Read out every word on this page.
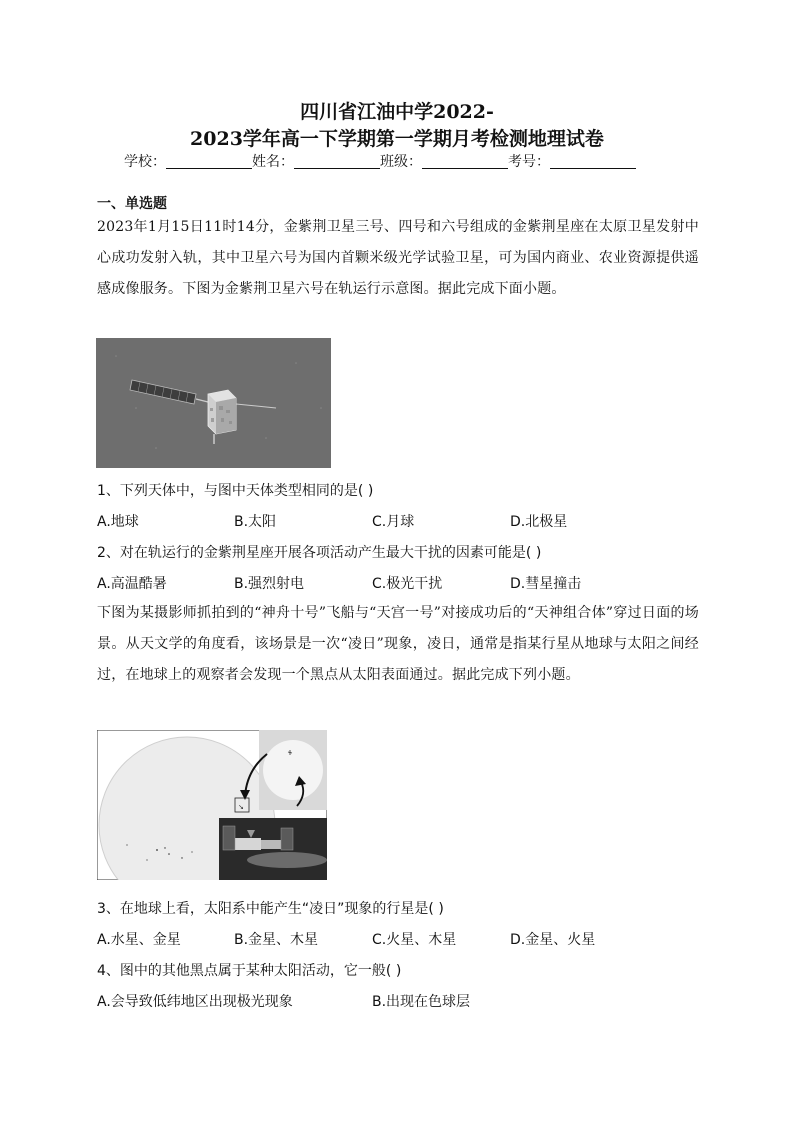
四川省江油中学2022-
2023学年高一下学期第一学期月考检测地理试卷
学校：	姓名：	班级：	考号：
一、单选题
2023年1月15日11时14分，金紫荆卫星三号、四号和六号组成的金紫荆星座在太原卫星发射中心成功发射入轨，其中卫星六号为国内首颗米级光学试验卫星，可为国内商业、农业资源提供遥感成像服务。下图为金紫荆卫星六号在轨运行示意图。据此完成下面小题。
1、下列天体中，与图中天体类型相同的是( )
A.地球	B.太阳	C.月球	D.北极星
2、对在轨运行的金紫荆星座开展各项活动产生最大干扰的因素可能是( )
A.高温酷暑	B.强烈射电	C.极光干扰	D.彗星撞击
下图为某摄影师抓拍到的“神舟十号”飞船与“天宫一号”对接成功后的“天神组合体”穿过日面的场景。从天文学的角度看，该场景是一次“凌日”现象，凌日，通常是指某行星从地球与太阳之间经过，在地球上的观察者会发现一个黑点从太阳表面通过。据此完成下列小题。
↘
3、在地球上看，太阳系中能产生“凌日”现象的行星是( )
A.水星、金星	B.金星、木星	C.火星、木星	D.金星、火星
4、图中的其他黑点属于某种太阳活动，它一般( )
A.会导致低纬地区出现极光现象	B.出现在色球层
